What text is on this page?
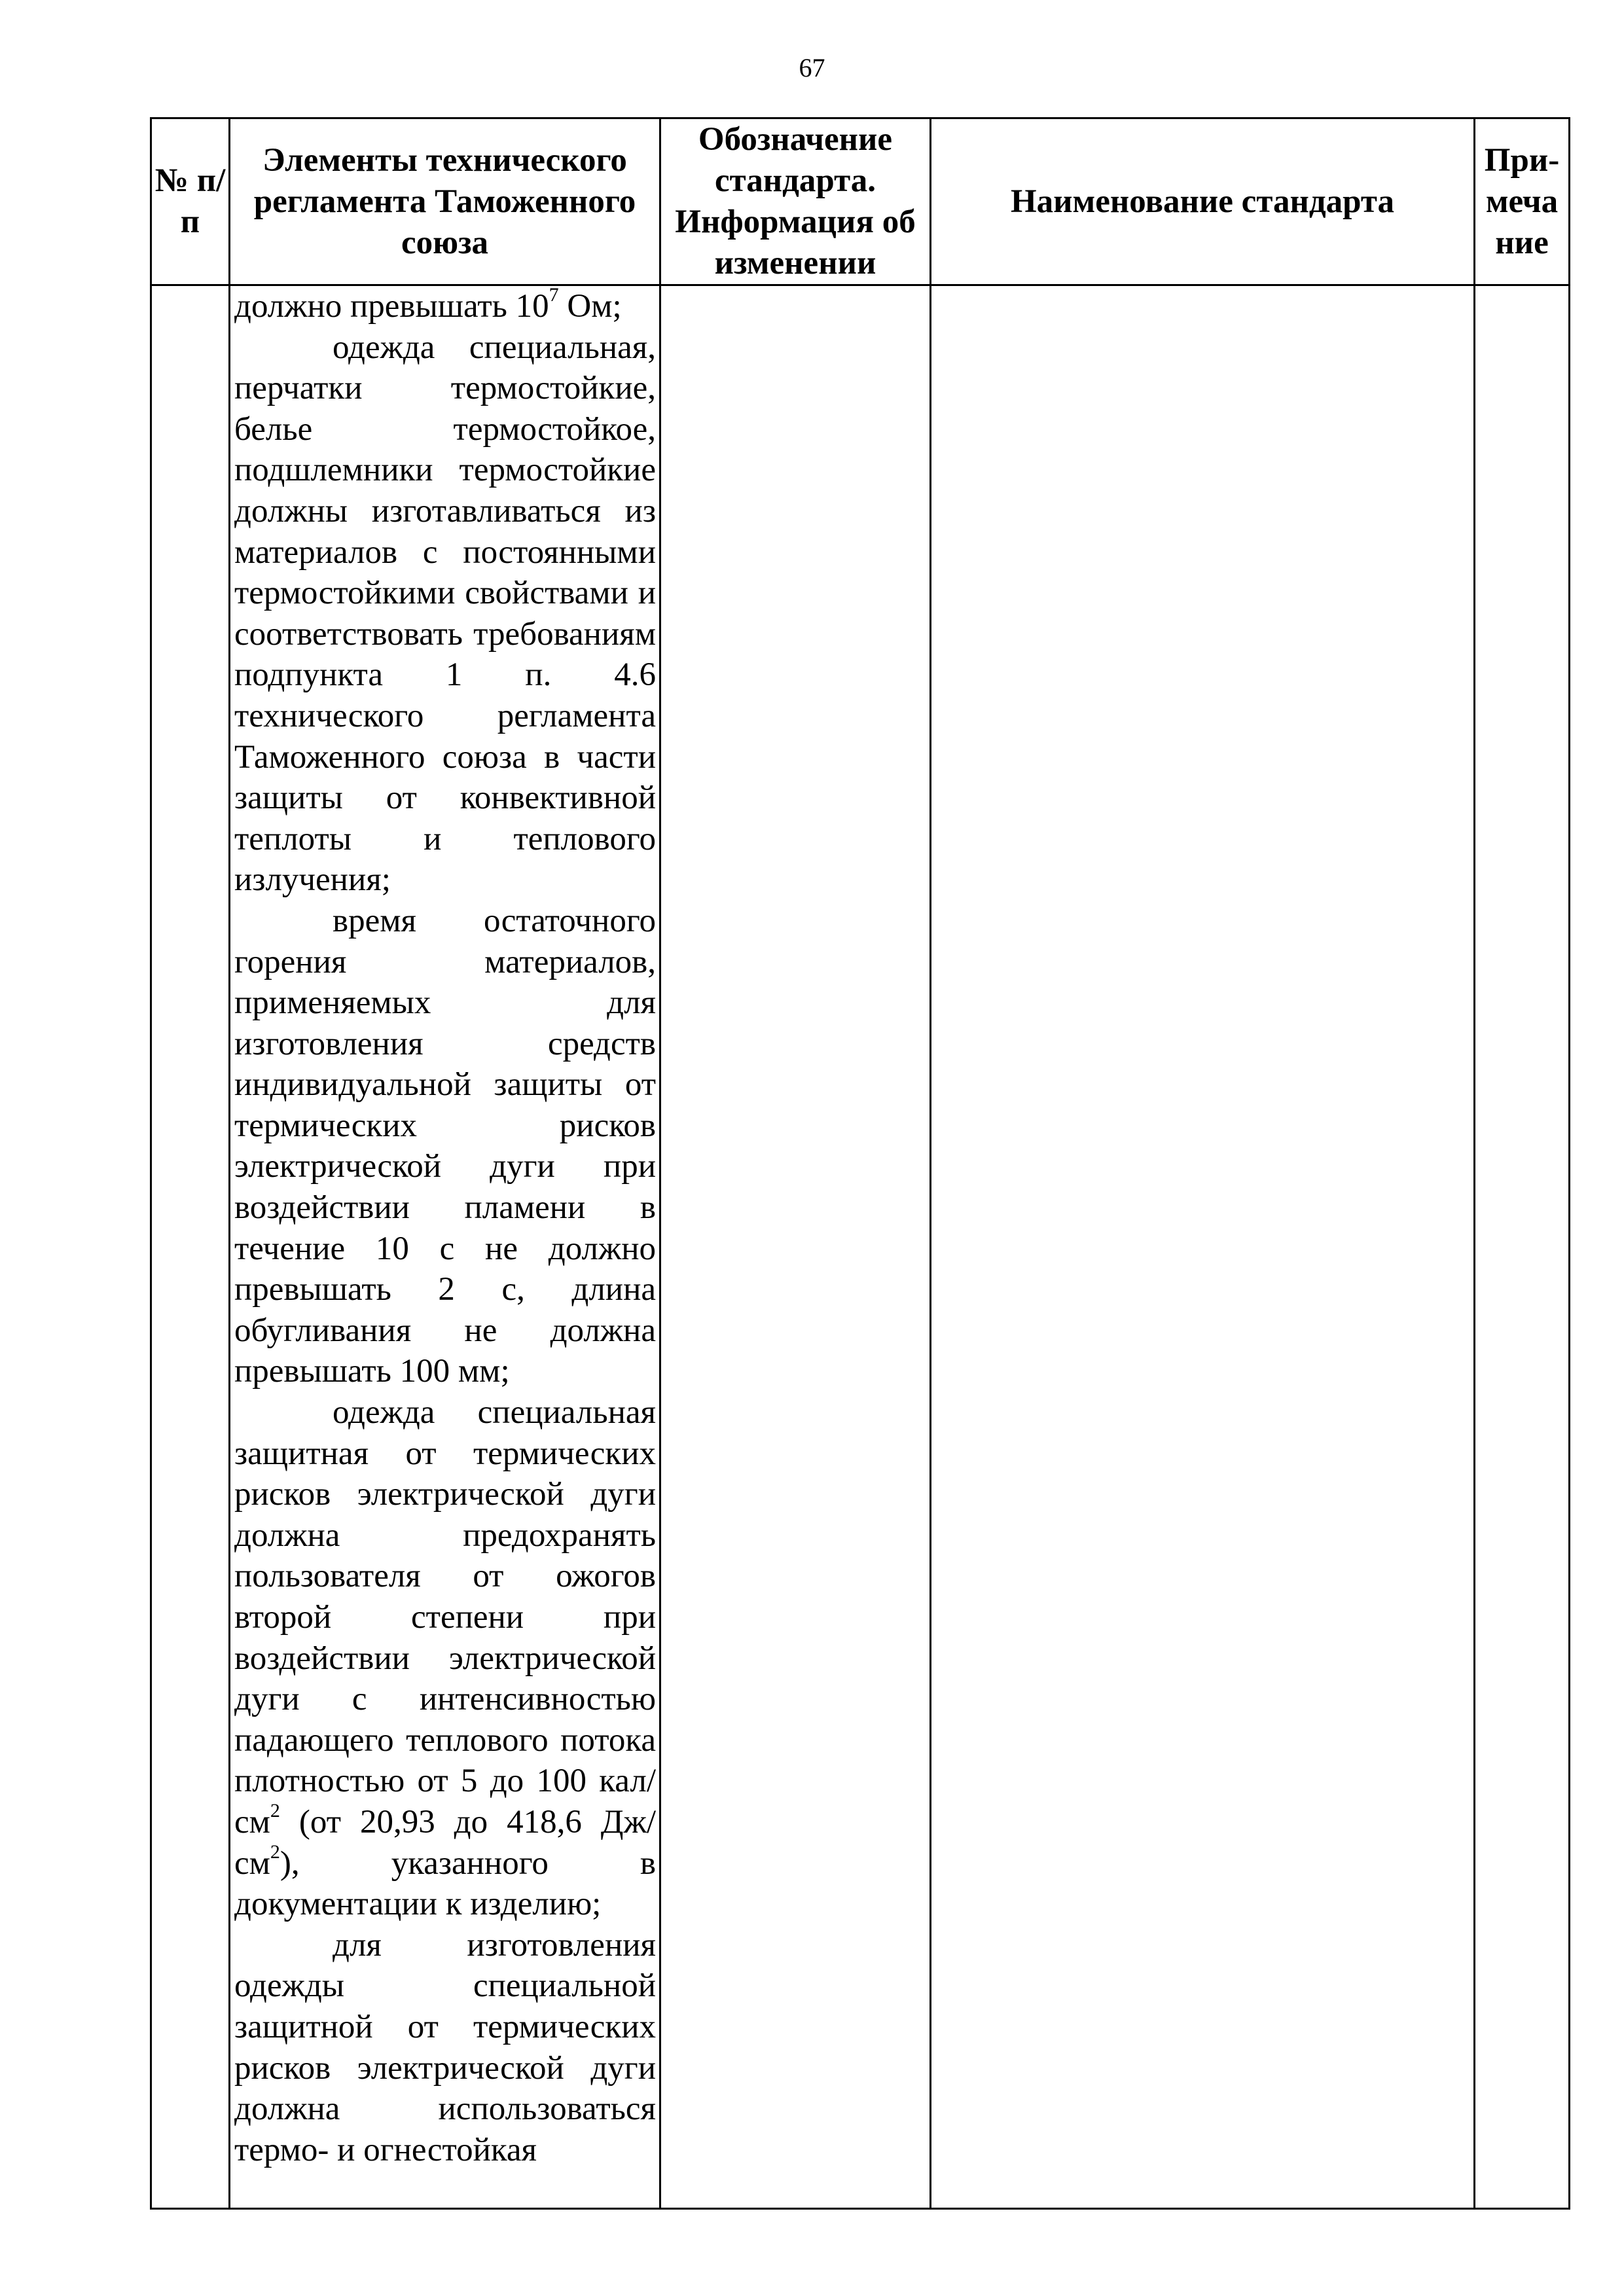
67
№ п/п	Элементы технического регламента Таможенного союза	Обозначение стандарта. Информация об изменении	Наименование стандарта	При-меча ние

	должно превышать $10^7$ Ом;

одежда специальная, перчатки термостойкие, белье термостойкое, подшлемники термостойкие должны изготавливаться из материалов с постоянными термостойкими свойствами и соответствовать требованиям подпункта 1 п. 4.6 технического регламента Таможенного союза в части защиты от конвективной теплоты и теплового излучения;

время остаточного горения материалов, применяемых для изготовления средств индивидуальной защиты от термических рисков электрической дуги при воздействии пламени в течение 10 с не должно превышать 2 с, длина обугливания не должна превышать 100 мм;

одежда специальная защитная от термических рисков электрической дуги должна предохранять пользователя от ожогов второй степени при воздействии электрической дуги с интенсивностью падающего теплового потока плотностью от 5 до 100 кал/$см^2$ (от 20,93 до 418,6 $Дж/см^2$), указанного в документации к изделию;

для изготовления одежды специальной защитной от термических рисков электрической дуги должна использоваться термо- и огнестойкая			
